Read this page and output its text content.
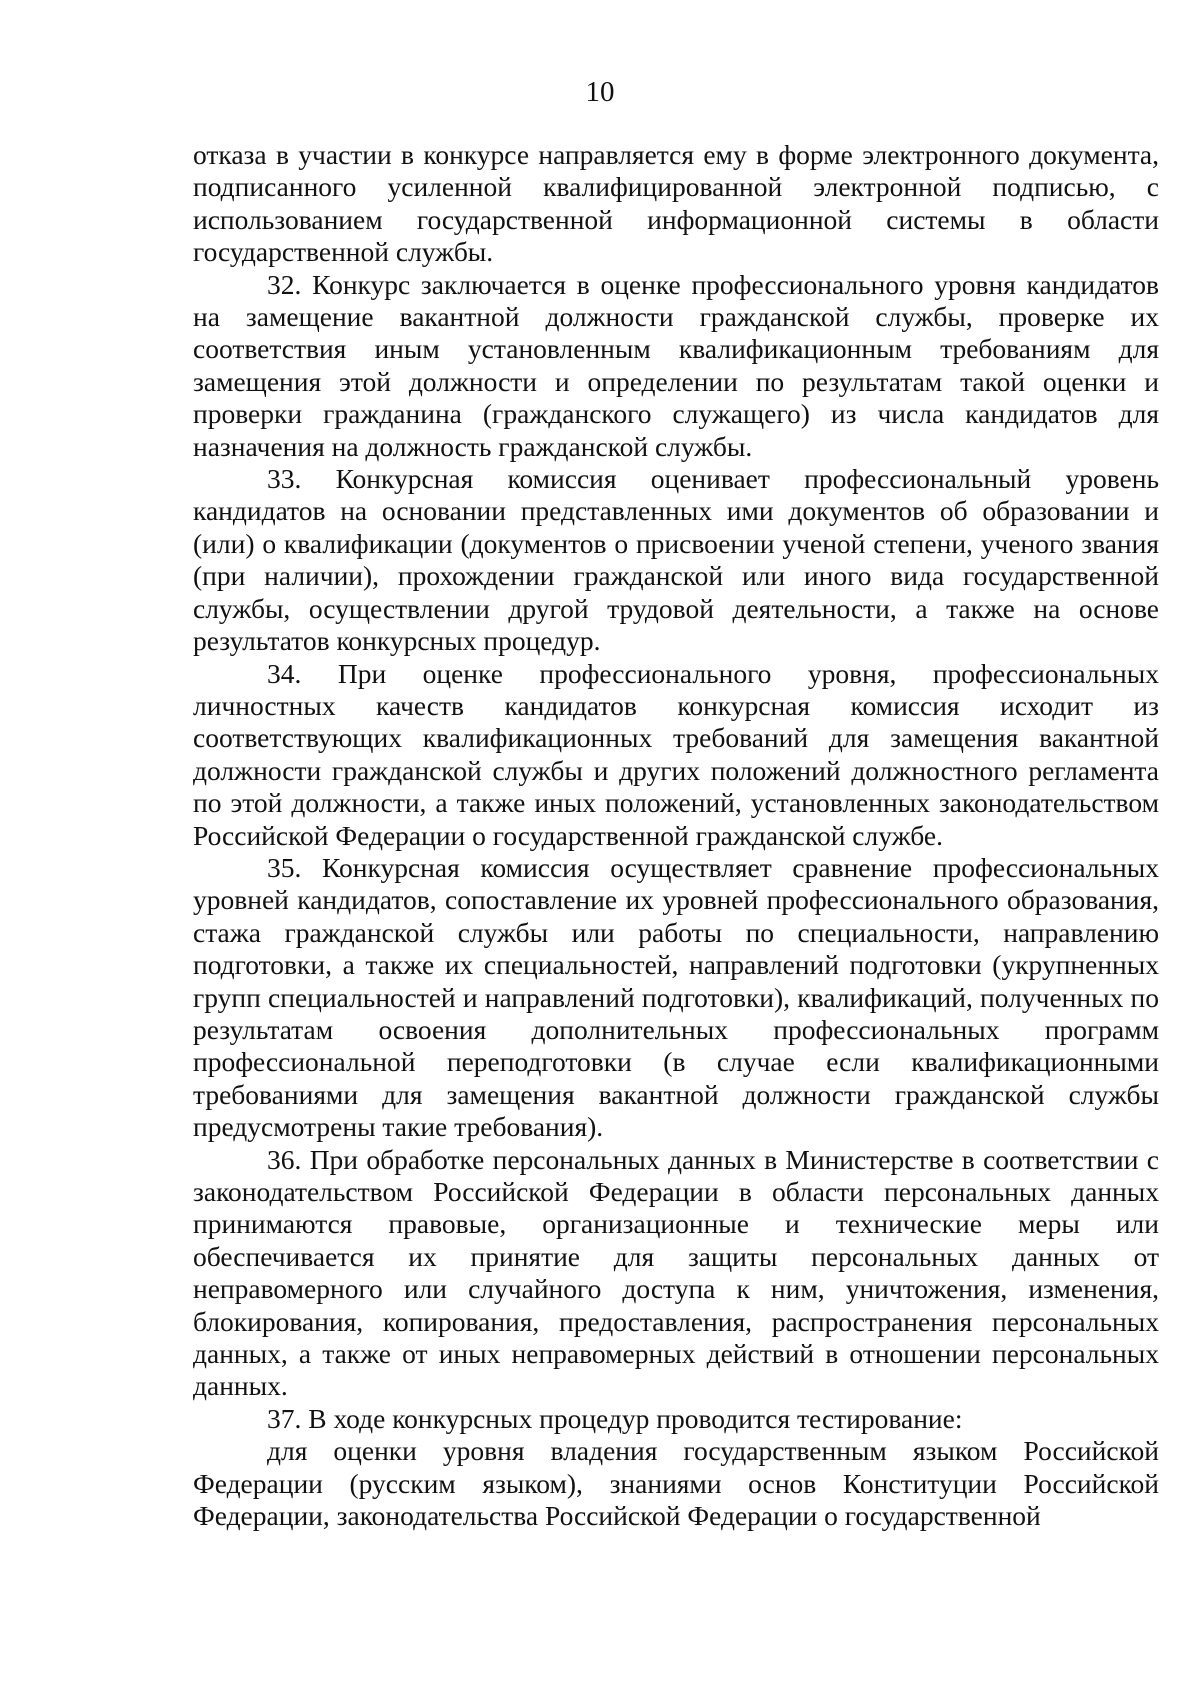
10

отказа в участии в конкурсе направляется ему в форме электронного документа, подписанного усиленной квалифицированной электронной подписью, с использованием государственной информационной системы в области государственной службы.

32. Конкурс заключается в оценке профессионального уровня кандидатов на замещение вакантной должности гражданской службы, проверке их соответствия иным установленным квалификационным требованиям для замещения этой должности и определении по результатам такой оценки и проверки гражданина (гражданского служащего) из числа кандидатов для назначения на должность гражданской службы.

33. Конкурсная комиссия оценивает профессиональный уровень кандидатов на основании представленных ими документов об образовании и (или) о квалификации (документов о присвоении ученой степени, ученого звания (при наличии), прохождении гражданской или иного вида государственной службы, осуществлении другой трудовой деятельности, а также на основе результатов конкурсных процедур.

34. При оценке профессионального уровня, профессиональных личностных качеств кандидатов конкурсная комиссия исходит из соответствующих квалификационных требований для замещения вакантной должности гражданской службы и других положений должностного регламента по этой должности, а также иных положений, установленных законодательством Российской Федерации о государственной гражданской службе.

35. Конкурсная комиссия осуществляет сравнение профессиональных уровней кандидатов, сопоставление их уровней профессионального образования, стажа гражданской службы или работы по специальности, направлению подготовки, а также их специальностей, направлений подготовки (укрупненных групп специальностей и направлений подготовки), квалификаций, полученных по результатам освоения дополнительных профессиональных программ профессиональной переподготовки (в случае если квалификационными требованиями для замещения вакантной должности гражданской службы предусмотрены такие требования).

36. При обработке персональных данных в Министерстве в соответствии с законодательством Российской Федерации в области персональных данных принимаются правовые, организационные и технические меры или обеспечивается их принятие для защиты персональных данных от неправомерного или случайного доступа к ним, уничтожения, изменения, блокирования, копирования, предоставления, распространения персональных данных, а также от иных неправомерных действий в отношении персональных данных.

37. В ходе конкурсных процедур проводится тестирование:

для оценки уровня владения государственным языком Российской Федерации (русским языком), знаниями основ Конституции Российской Федерации, законодательства Российской Федерации о государственной
